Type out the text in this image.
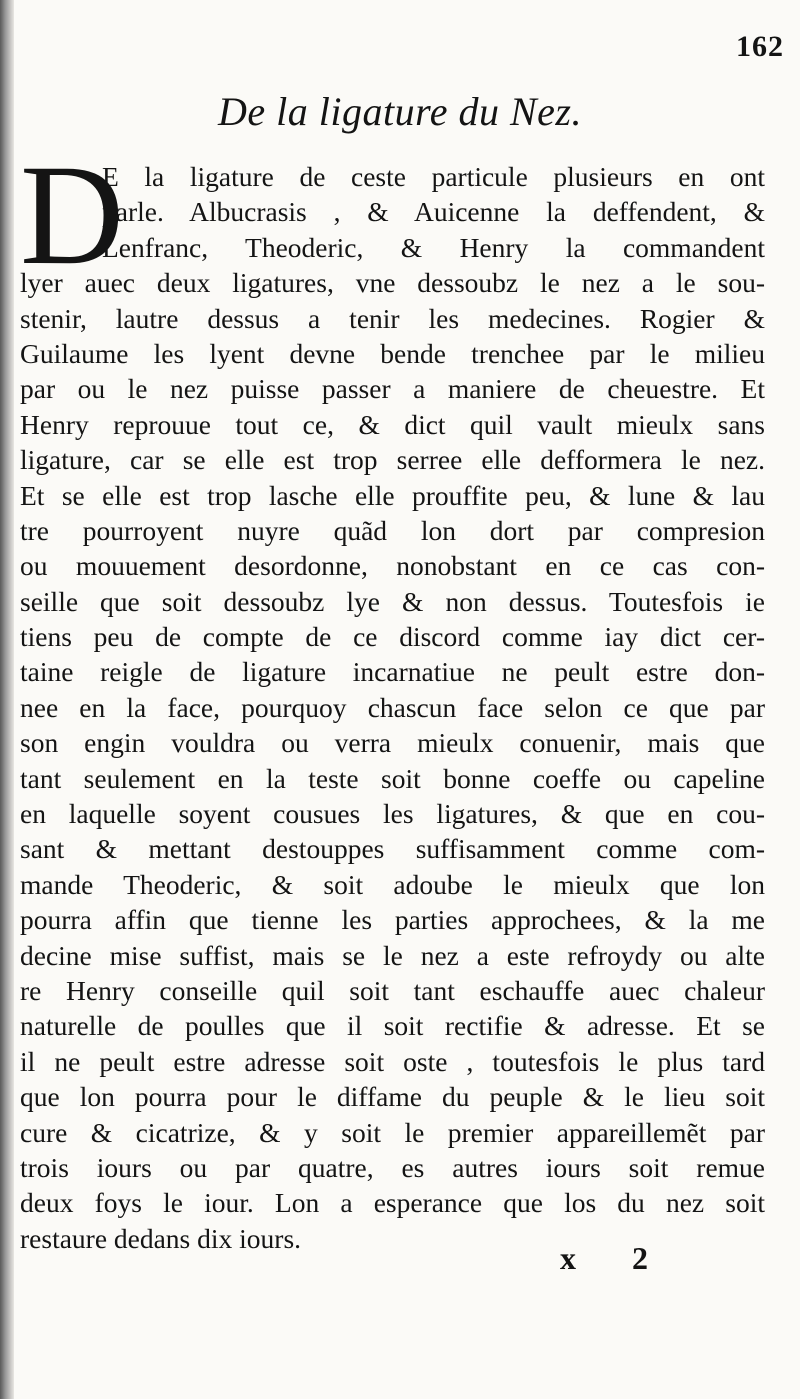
162
De la ligature du Nez.
D
E la ligature de ceste particule plusieurs en ont
parle. Albucrasis , & Auicenne la deffendent, &
Lenfranc, Theoderic, & Henry la commandent
lyer auec deux ligatures, vne dessoubz le nez a le sou-
stenir, lautre dessus a tenir les medecines. Rogier &
Guilaume les lyent devne bende trenchee par le milieu
par ou le nez puisse passer a maniere de cheuestre. Et
Henry reprouue tout ce, & dict quil vault mieulx sans
ligature, car se elle est trop serree elle defformera le nez.
Et se elle est trop lasche elle prouffite peu, & lune & lau
tre pourroyent nuyre quãd lon dort par compresion
ou mouuement desordonne, nonobstant en ce cas con-
seille que soit dessoubz lye & non dessus. Toutesfois ie
tiens peu de compte de ce discord comme iay dict cer-
taine reigle de ligature incarnatiue ne peult estre don-
nee en la face, pourquoy chascun face selon ce que par
son engin vouldra ou verra mieulx conuenir, mais que
tant seulement en la teste soit bonne coeffe ou capeline
en laquelle soyent cousues les ligatures, & que en cou-
sant & mettant destouppes suffisamment comme com-
mande Theoderic, & soit adoube le mieulx que lon
pourra affin que tienne les parties approchees, & la me
decine mise suffist, mais se le nez a este refroydy ou alte
re Henry conseille quil soit tant eschauffe auec chaleur
naturelle de poulles que il soit rectifie & adresse. Et se
il ne peult estre adresse soit oste , toutesfois le plus tard
que lon pourra pour le diffame du peuple & le lieu soit
cure & cicatrize, & y soit le premier appareillemẽt par
trois iours ou par quatre, es autres iours soit remue
deux foys le iour. Lon a esperance que los du nez soit
restaure dedans dix iours.
x 2
